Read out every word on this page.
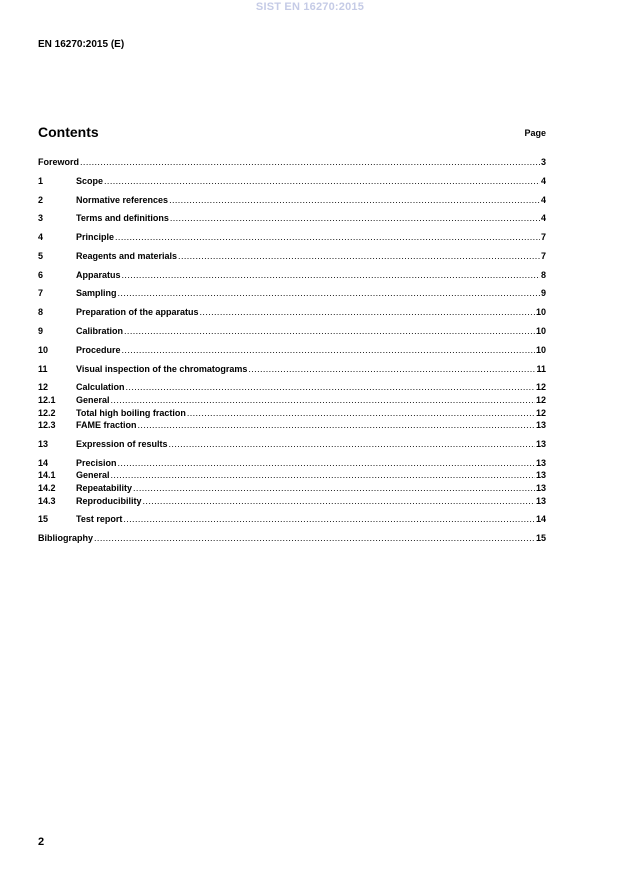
SIST EN 16270:2015
EN 16270:2015 (E)
Contents	Page
Foreword .....	3
1	Scope .....	4
2	Normative references .....	4
3	Terms and definitions .....	4
4	Principle .....	7
5	Reagents and materials .....	7
6	Apparatus .....	8
7	Sampling .....	9
8	Preparation of the apparatus .....	10
9	Calibration .....	10
10	Procedure .....	10
11	Visual inspection of the chromatograms .....	11
12	Calculation .....	12
12.1	General .....	12
12.2	Total high boiling fraction .....	12
12.3	FAME fraction .....	13
13	Expression of results .....	13
14	Precision .....	13
14.1	General .....	13
14.2	Repeatability .....	13
14.3	Reproducibility .....	13
15	Test report .....	14
Bibliography .....	15
2
